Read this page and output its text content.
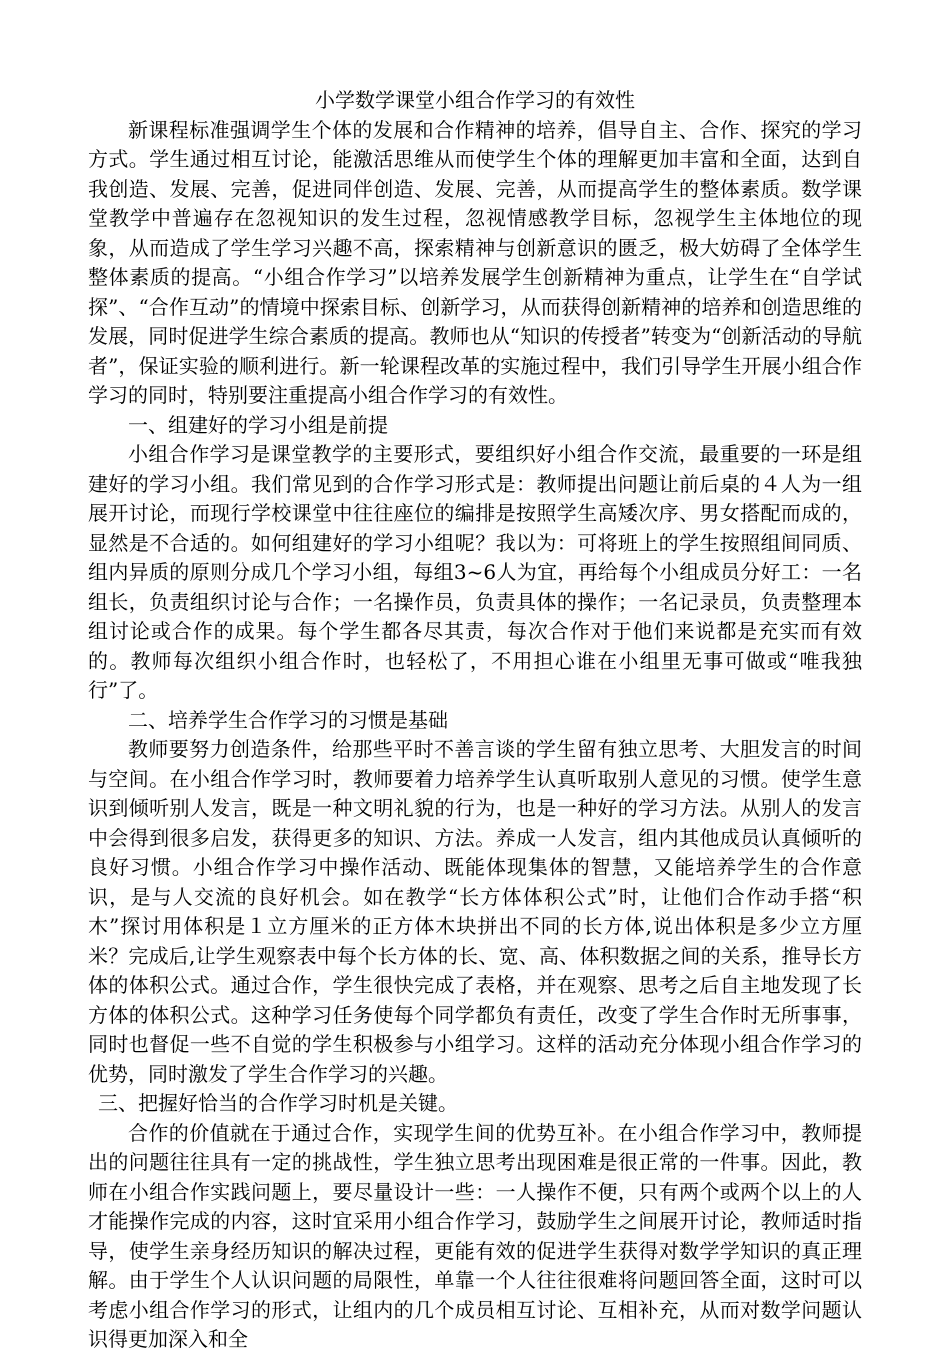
小学数学课堂小组合作学习的有效性

新课程标准强调学生个体的发展和合作精神的培养，倡导自主、合作、探究的学习方式。学生通过相互讨论，能激活思维从而使学生个体的理解更加丰富和全面，达到自我创造、发展、完善，促进同伴创造、发展、完善，从而提高学生的整体素质。数学课堂教学中普遍存在忽视知识的发生过程，忽视情感教学目标，忽视学生主体地位的现象，从而造成了学生学习兴趣不高，探索精神与创新意识的匮乏，极大妨碍了全体学生整体素质的提高。“小组合作学习”以培养发展学生创新精神为重点，让学生在“自学试探”、“合作互动”的情境中探索目标、创新学习，从而获得创新精神的培养和创造思维的发展，同时促进学生综合素质的提高。教师也从“知识的传授者”转变为“创新活动的导航者”，保证实验的顺利进行。新一轮课程改革的实施过程中，我们引导学生开展小组合作学习的同时，特别要注重提高小组合作学习的有效性。

一、组建好的学习小组是前提

小组合作学习是课堂教学的主要形式，要组织好小组合作交流，最重要的一环是组建好的学习小组。我们常见到的合作学习形式是：教师提出问题让前后桌的４人为一组展开讨论，而现行学校课堂中往往座位的编排是按照学生高矮次序、男女搭配而成的，显然是不合适的。如何组建好的学习小组呢？我以为：可将班上的学生按照组间同质、组内异质的原则分成几个学习小组，每组3~6人为宜，再给每个小组成员分好工：一名组长，负责组织讨论与合作；一名操作员，负责具体的操作；一名记录员，负责整理本组讨论或合作的成果。每个学生都各尽其责，每次合作对于他们来说都是充实而有效的。教师每次组织小组合作时，也轻松了，不用担心谁在小组里无事可做或“唯我独行”了。

二、培养学生合作学习的习惯是基础

教师要努力创造条件，给那些平时不善言谈的学生留有独立思考、大胆发言的时间与空间。在小组合作学习时，教师要着力培养学生认真听取别人意见的习惯。使学生意识到倾听别人发言，既是一种文明礼貌的行为，也是一种好的学习方法。从别人的发言中会得到很多启发，获得更多的知识、方法。养成一人发言，组内其他成员认真倾听的良好习惯。小组合作学习中操作活动、既能体现集体的智慧，又能培养学生的合作意识，是与人交流的良好机会。如在教学“长方体体积公式”时，让他们合作动手搭“积木”探讨用体积是１立方厘米的正方体木块拼出不同的长方体,说出体积是多少立方厘米？完成后,让学生观察表中每个长方体的长、宽、高、体积数据之间的关系，推导长方体的体积公式。通过合作，学生很快完成了表格，并在观察、思考之后自主地发现了长方体的体积公式。这种学习任务使每个同学都负有责任，改变了学生合作时无所事事，同时也督促一些不自觉的学生积极参与小组学习。这样的活动充分体现小组合作学习的优势，同时激发了学生合作学习的兴趣。

三、把握好恰当的合作学习时机是关键。

合作的价值就在于通过合作，实现学生间的优势互补。在小组合作学习中，教师提出的问题往往具有一定的挑战性，学生独立思考出现困难是很正常的一件事。因此，教师在小组合作实践问题上，要尽量设计一些：一人操作不便，只有两个或两个以上的人才能操作完成的内容，这时宜采用小组合作学习，鼓励学生之间展开讨论，教师适时指导，使学生亲身经历知识的解决过程，更能有效的促进学生获得对数学学知识的真正理解。由于学生个人认识问题的局限性，单靠一个人往往很难将问题回答全面，这时可以考虑小组合作学习的形式，让组内的几个成员相互讨论、互相补充，从而对数学问题认识得更加深入和全
